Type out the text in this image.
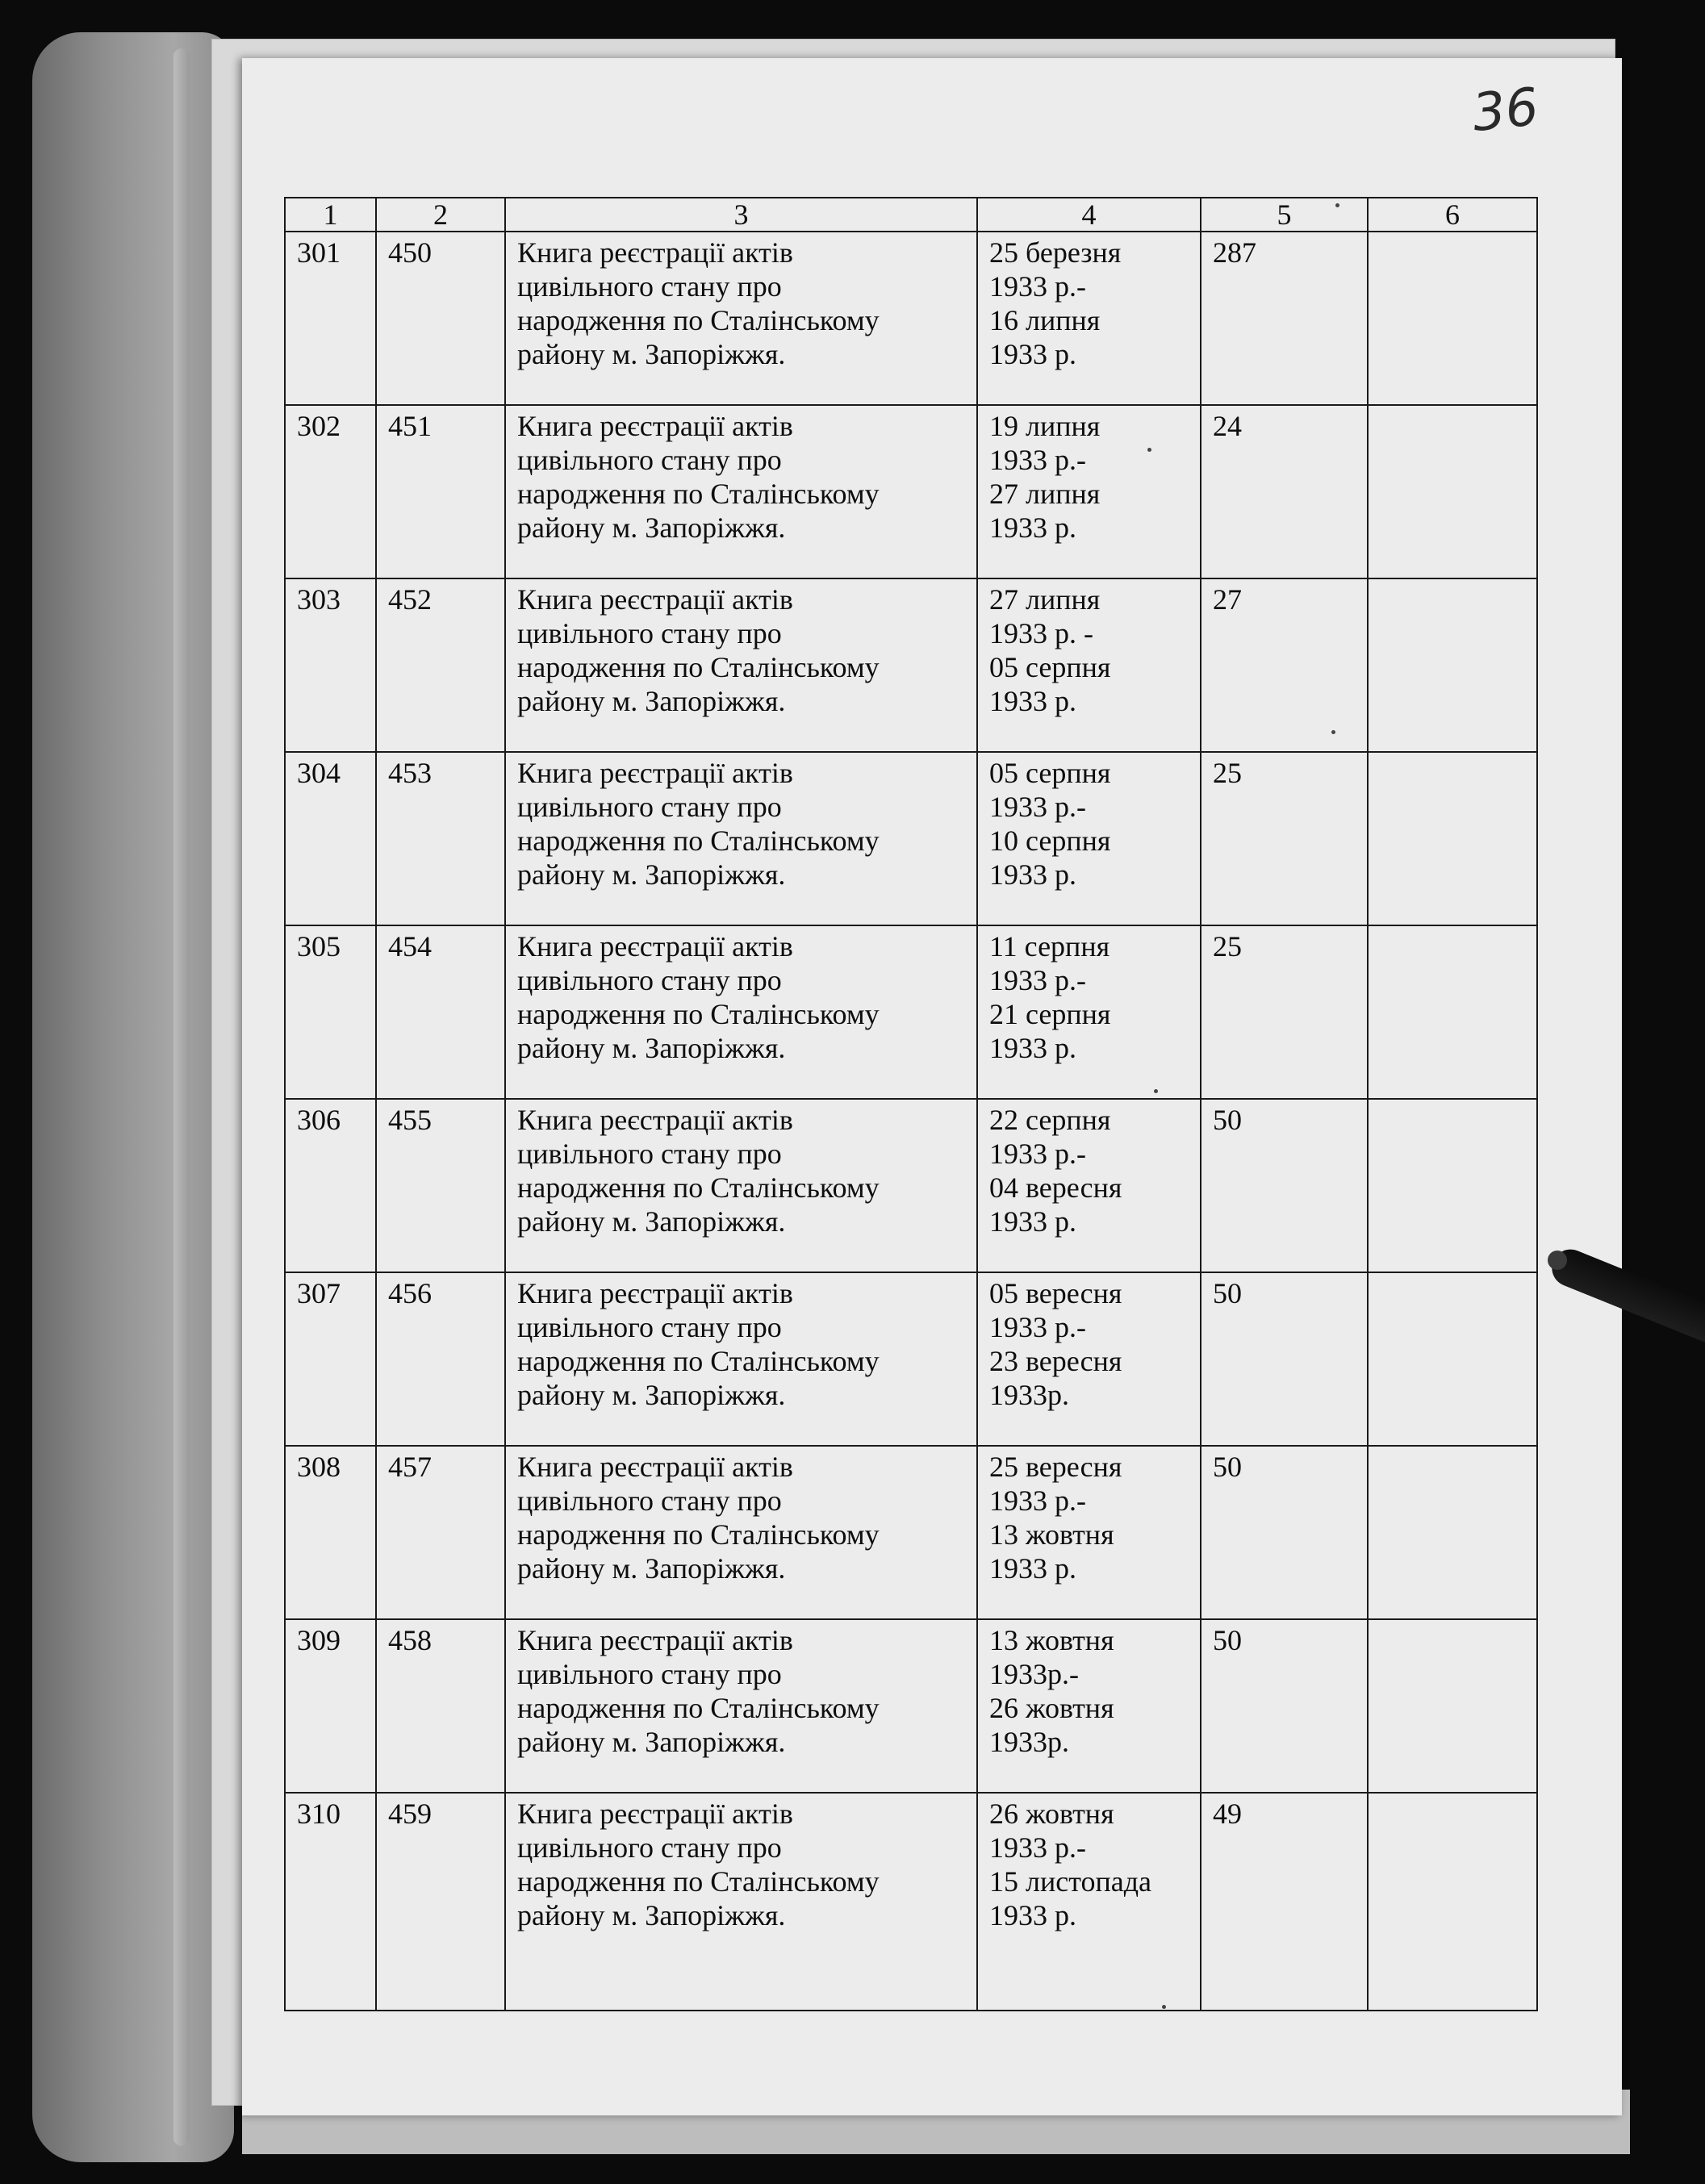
36
1	2	3	4	5	6
301	450	Книга реєстрації актів
цивільного стану про
народження по Сталінському
району м. Запоріжжя.	25 березня
1933 р.-
16 липня
1933 р.	287	
302	451	Книга реєстрації актів
цивільного стану про
народження по Сталінському
району м. Запоріжжя.	19 липня
1933 р.-
27 липня
1933 р.	24	
303	452	Книга реєстрації актів
цивільного стану про
народження по Сталінському
району м. Запоріжжя.	27 липня
1933 р. -
05 серпня
1933 р.	27	
304	453	Книга реєстрації актів
цивільного стану про
народження по Сталінському
району м. Запоріжжя.	05 серпня
1933 р.-
10 серпня
1933 р.	25	
305	454	Книга реєстрації актів
цивільного стану про
народження по Сталінському
району м. Запоріжжя.	11 серпня
1933 р.-
21 серпня
1933 р.	25	
306	455	Книга реєстрації актів
цивільного стану про
народження по Сталінському
району м. Запоріжжя.	22 серпня
1933 р.-
04 вересня
1933 р.	50	
307	456	Книга реєстрації актів
цивільного стану про
народження по Сталінському
району м. Запоріжжя.	05 вересня
1933 р.-
23 вересня
1933р.	50	
308	457	Книга реєстрації актів
цивільного стану про
народження по Сталінському
району м. Запоріжжя.	25 вересня
1933 р.-
13 жовтня
1933 р.	50	
309	458	Книга реєстрації актів
цивільного стану про
народження по Сталінському
району м. Запоріжжя.	13 жовтня
1933р.-
26 жовтня
1933р.	50	
310	459	Книга реєстрації актів
цивільного стану про
народження по Сталінському
району м. Запоріжжя.	26 жовтня
1933 р.-
15 листопада
1933 р.	49	
